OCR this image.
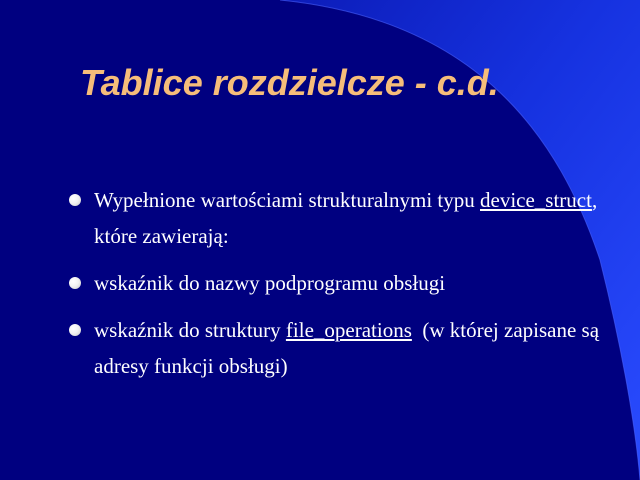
Tablice rozdzielcze - c.d.
Wypełnione wartościami strukturalnymi typu device_struct, które zawierają:
wskaźnik do nazwy podprogramu obsługi
wskaźnik do struktury file_operations  (w której zapisane są adresy funkcji obsługi)
